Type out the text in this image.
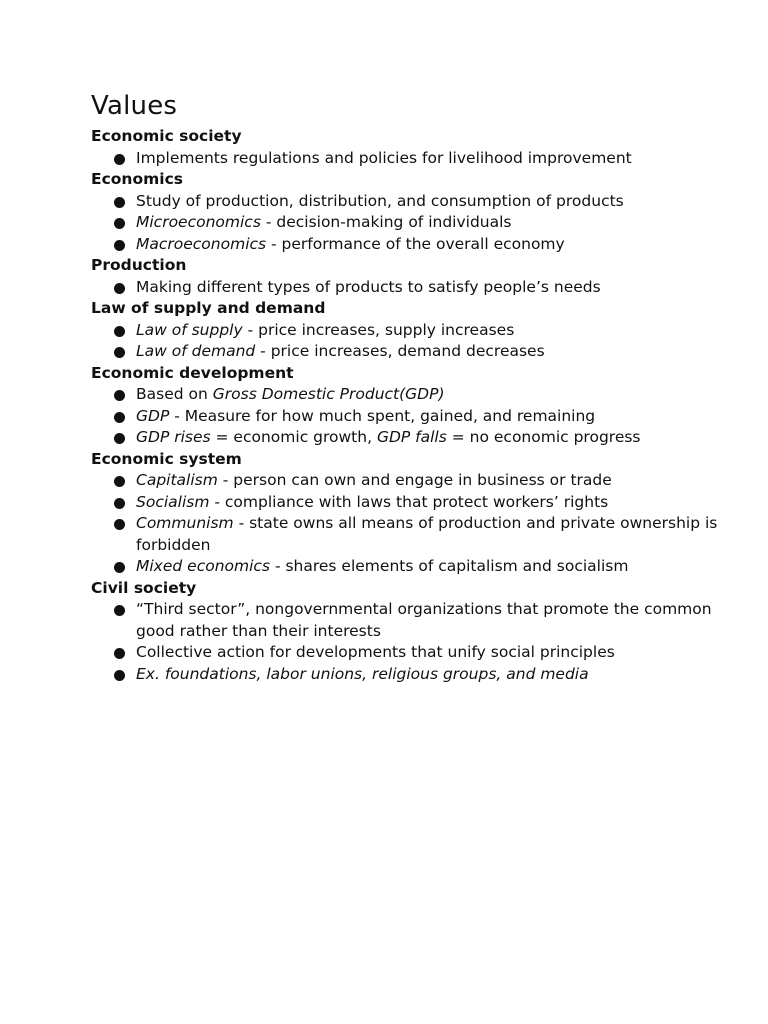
Values
Economic society
Implements regulations and policies for livelihood improvement
Economics
Study of production, distribution, and consumption of products
Microeconomics - decision-making of individuals
Macroeconomics - performance of the overall economy
Production
Making different types of products to satisfy people’s needs
Law of supply and demand
Law of supply - price increases, supply increases
Law of demand - price increases, demand decreases
Economic development
Based on Gross Domestic Product(GDP)
GDP - Measure for how much spent, gained, and remaining
GDP rises = economic growth, GDP falls = no economic progress
Economic system
Capitalism - person can own and engage in business or trade
Socialism - compliance with laws that protect workers’ rights
Communism - state owns all means of production and private ownership is forbidden
Mixed economics - shares elements of capitalism and socialism
Civil society
“Third sector”, nongovernmental organizations that promote the common good rather than their interests
Collective action for developments that unify social principles
Ex. foundations, labor unions, religious groups, and media
